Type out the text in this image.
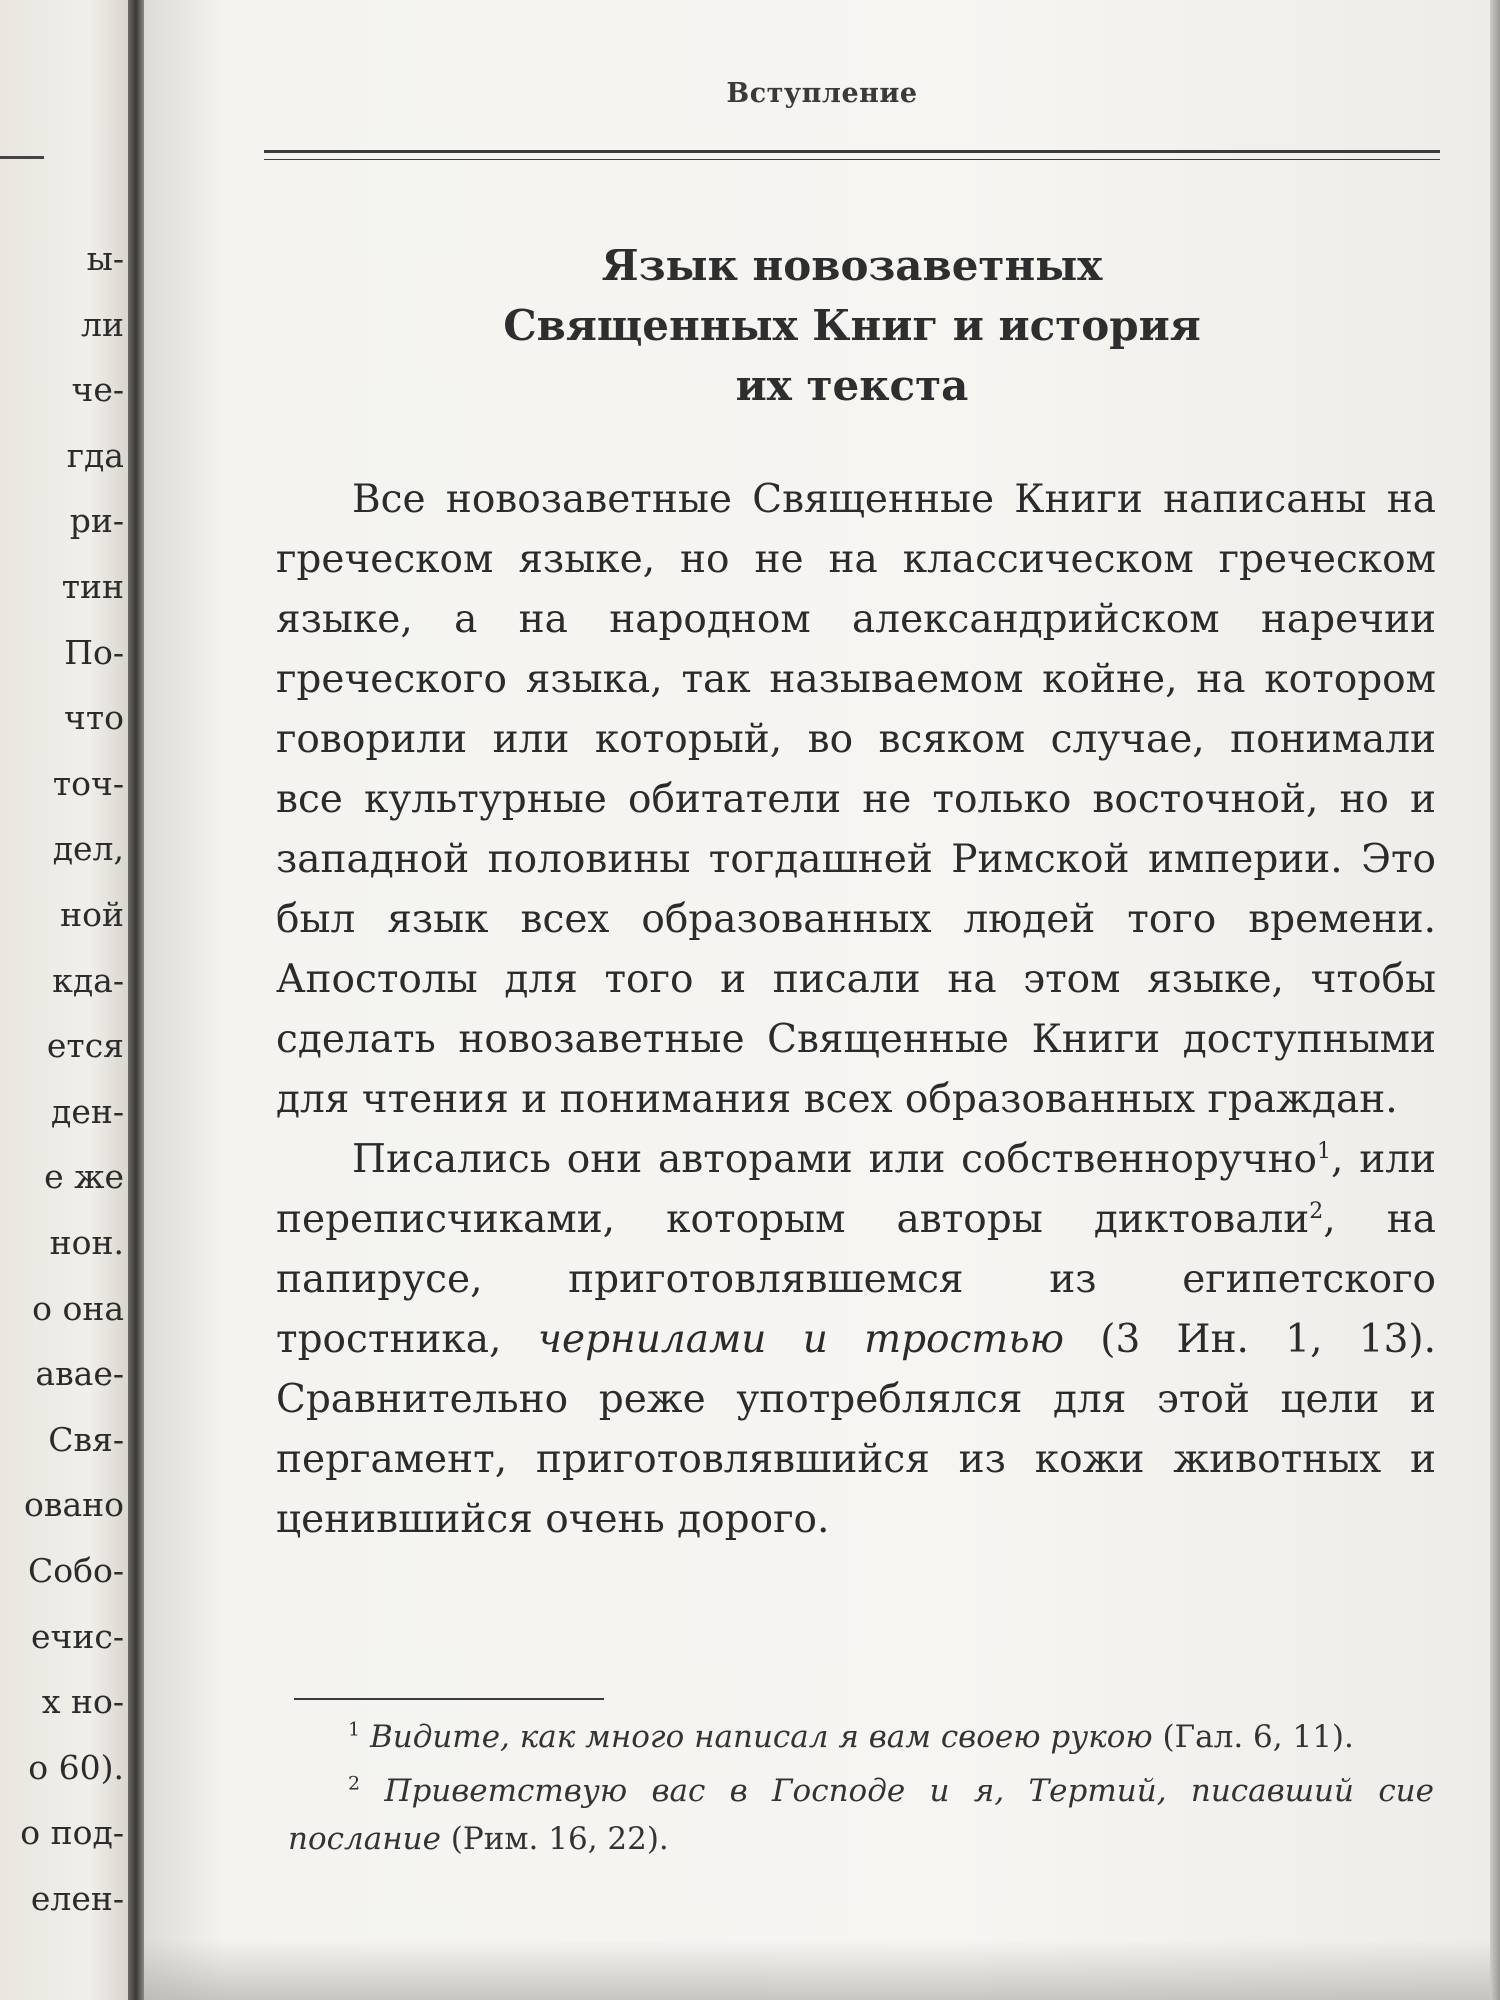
ы-
ли
че-
гда
ри-
тин
По-
что
точ-
дел,
ной
кда-
ется
ден-
е же
нон.
о она
авае-
Свя-
овано
Собо-
ечис-
х но-
о 60).
о под-
елен-
Вступление
Язык новозаветных
Священных Книг и история
их текста

Все новозаветные Священные Книги написаны на греческом языке, но не на классическом греческом языке, а на народном александрийском наречии греческого языка, так называемом койне, на котором говорили или который, во всяком случае, понимали все культурные обитатели не только восточной, но и западной половины тогдашней Римской империи. Это был язык всех образованных людей того времени. Апостолы для того и писали на этом языке, чтобы сделать новозаветные Священные Книги доступными для чтения и понимания всех образованных граждан.

Писались они авторами или собственноручно$^1$, или переписчиками, которым авторы диктовали$^2$, на папирусе, приготовлявшемся из египетского тростника, чернилами и тростью (3 Ин. 1, 13). Сравнительно реже употреблялся для этой цели и пергамент, приготовлявшийся из кожи животных и ценившийся очень дорого.

$^1$ Видите, как много написал я вам своею рукою (Гал. 6, 11).

$^2$ Приветствую вас в Господе и я, Тертий, писавший сие послание (Рим. 16, 22).
